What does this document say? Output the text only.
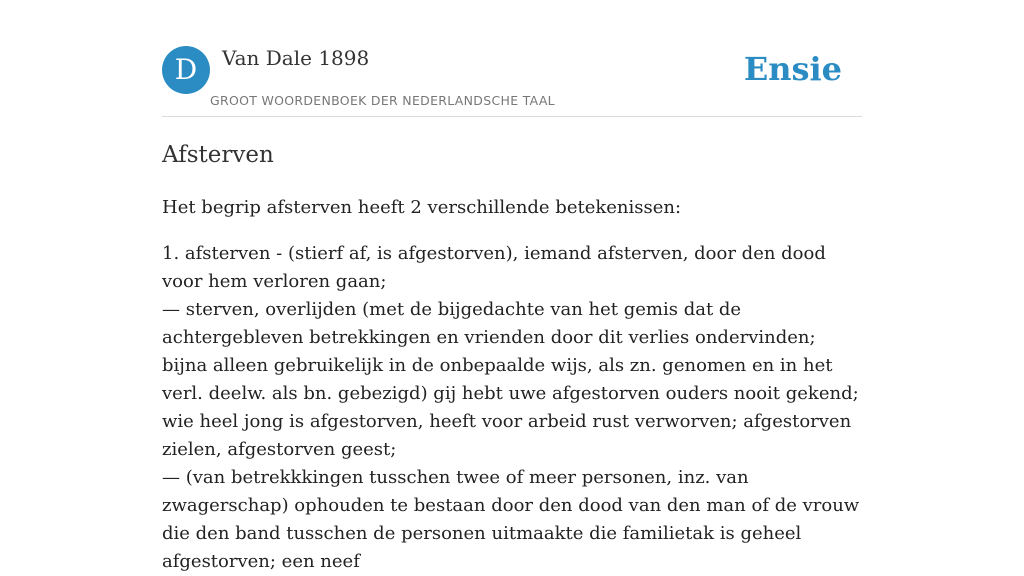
D	Van Dale 1898
GROOT WOORDENBOEK DER NEDERLANDSCHE TAAL
Ensie
Afsterven

Het begrip afsterven heeft 2 verschillende betekenissen:

1. afsterven - (stierf af, is afgestorven), iemand afsterven, door den dood voor hem verloren gaan;
— sterven, overlijden (met de bijgedachte van het gemis dat de achtergebleven betrekkingen en vrienden door dit verlies ondervinden; bijna alleen gebruikelijk in de onbepaalde wijs, als zn. genomen en in het verl. deelw. als bn. gebezigd) gij hebt uwe afgestorven ouders nooit gekend; wie heel jong is afgestorven, heeft voor arbeid rust verworven; afgestorven zielen, afgestorven geest;
— (van betrekkkingen tusschen twee of meer personen, inz. van zwagerschap) ophouden te bestaan door den dood van den man of de vrouw die den band tusschen de personen uitmaakte die familietak is geheel afgestorven; een neef
